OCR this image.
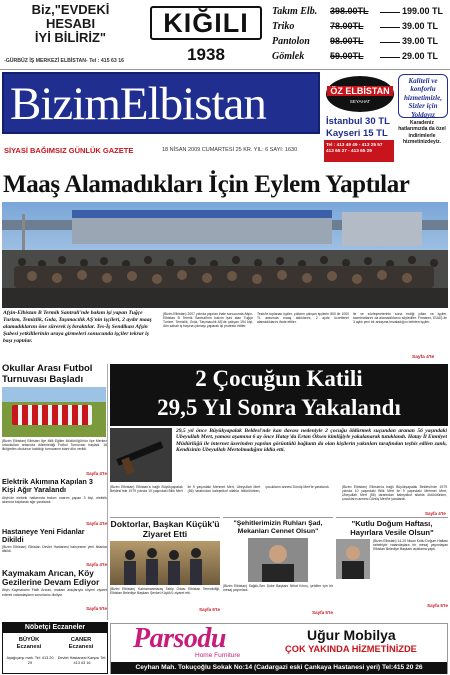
Biz,"EVDEKİ
HESABI
İYİ BİLİRİZ"
-GÜRBÜZ İŞ MERKEZİ ELBİSTAN- Tel : 415 63 16
KIĞILI
1938
Takım Elb. 398.00TL	199.00 TL
Triko	78.00TL	39.00 TL
Pantolon 98.00TL	39.00 TL
Gömlek	59.00TL	29.00 TL
BizimElbistan
SİYASİ BAĞIMSIZ GÜNLÜK GAZETE	18 NİSAN 2009 CUMARTESİ 25 KR. YIL: 6 SAYI: 1630
ÖZ ELBİSTAN
SEYAHAT
Kaliteli ve konforlu hizmetimizle, Sizler için Yoldayız
İstanbul 30 TL
Kayseri 15 TL
Tel : 413 49 49 - 413 25 57
413 65 27 - 413 65 29
Karadeniz hatlarımızda da özel indirimlerle hizmetinizdeyiz.
Maaş Alamadıkları İçin Eylem Yaptılar
Afşin-Elbistan B Termik Santrali'nde bakım işi yapan Tuğçe Turizm, Temizlik, Gıda, Taşımacılık AŞ'nin işçileri, 2 aydır maaş alamadıklarını öne sürerek iş bıraktılar. Tes-İş Sendikası Afşin Şubesi yetkililerinin araya girmeleri sonucunda işçiler tekrar iş başı yaptılar.
(Bizim Elbistan) 2007 yılında yapılan ihale sonucunda Afşin-Elbistan B Termik Santrali'nin bakım işini alan Tuğçe Turizm, Temizlik, Gıda, Taşımacılık AŞ'de çalışan 194 kişi, dün sabah iş başına çıkmayı yaparak işi protesto ettiler.
Tesis'te toplanan işçiler, çıkların çalışan işçilerin 800 ile 1000 TL arasında maaş aldıklarını, 2 aydır ücretlerini alamadıklarını ifade ettiler.
ile ve sözleşmelerinin sona erdiği yılları ve işçiler, tazminatlarını da alamadıklarını söylediler. Firmanın, EÜAŞ ile 3 aylık yeni bir anlaşma imzaladığını belirten işçiler.
Sayfa 4'te
Okullar Arası Futbol Turnuvası Başladı
(Bizim Elbistan) Elbistan İlçe Milli Eğitim Müdürlüğü'nün ilçe Merkez ortaokulları arasında düzenlediği Futbol Turnuvası başladı. 16 ilköğretim okulunun katıldığı turnuvanın startı dün verildi.
Sayfa 4'te
Elektrik Akımına Kapılan 3 Kişi Ağır Yaralandı
Afşin'de elektrik hatlarında bakım onarım yapan 3 kişi, elektrik akımına kapılarak ağır yaralandı.
Sayfa 4'te
Hastaneye Yeni Fidanlar Dikildi
(Bizim Elbistan) Elbistan Devlet Hastanesi bahçesine yeni fidanlar dikildi.
Sayfa 4'te
Kaymakam Arıcan, Köy Gezilerine Devam Ediyor
Afşin Kaymakamı Fatih Arıcan, makam araçlarıyla köyleri ziyaret ederek vatandaşların sorunlarını dinliyor.
Sayfa 5'te
2 Çocuğun Katili
29,5 Yıl Sonra Yakalandı
29,5 yıl önce Büyükyapalak Beldesi'nde kan davası nedeniyle 2 çocuğu öldürmek suçundan aranan 56 yaşındaki Ubeyullah Mert, yaması aşamına 6 ay önce Hatay'da Ertan Öksen kimliğiyle yakalanarak tutuklandı. Hatay İl Emniyet Müdürlüğü ile internet üzerinden yapılan görüntülü bağlantı da olan kişilerin yakınları tarafından teşhis edilen zanlı, Kendisinin Ubeyullah Mertolmadığını iddia etti.
(Bizim Elbistan) Elbistan'a bağlı Büyükyapalak Beldesi'nde 1979 yılında 10 yaşındaki Bilik Mert ile 9 yaşındaki Mehmet Mert, Ubeyullah Mert (56) tarafından kaleşnikof silahla öldürülürken, çocukların annesi Dönüş Mert'te yaralandı.	(Bizim Elbistan) Elbistan'a bağlı Büyükyapalak Beldesi'nde 1979 yılında 10 yaşındaki Bilik Mert ile 9 yaşındaki Mehmet Mert, Ubeyullah Mert (56) tarafından kaleşnikof silahla öldürülürken, çocukların annesi Dönüş Mert'te yaralandı.
Sayfa 4'te
Doktorlar, Başkan Küçük'ü Ziyaret Etti
(Bizim Elbistan) Kahramanmaraş Tabip Odası Elbistan Temsilciliği, Elbistan Belediye Başkanı Şevket Küçük'ü ziyaret etti.
Sayfa 5'te
"Şehitlerimizin Ruhları Şad, Mekanları Cennet Olsun"
(Bizim Elbistan) Sağlık-Sen Şube Başkanı Nihat Kılınç, şehitler için bir mesaj yayımladı.
Sayfa 5'te
"Kutlu Doğum Haftası, Hayırlara Vesile Olsun"
(Bizim Elbistan) 14-20 Nisan Kutlu Doğum Haftası sebebiyle vatandaşlara bir mesaj yayımlayan Elbistan Belediye Başkanı açıklama yaptı.
Sayfa 5'te
Nöbetçi Eczaneler
BÜYÜK Eczanesi
CANER Eczanesi
Aşağıçarşı mah. Tel: 413 20 29
Devlet Hastanesi Karşısı Tel: 413 43 16
Parsodu
Home Furniture
Uğur Mobilya
ÇOK YAKINDA HİZMETİNİZDE
Ceyhan Mah. Tokuçoğlu Sokak No:14 (Cadargazi eski Çankaya Hastanesi yeri) Tel:415 20 26
